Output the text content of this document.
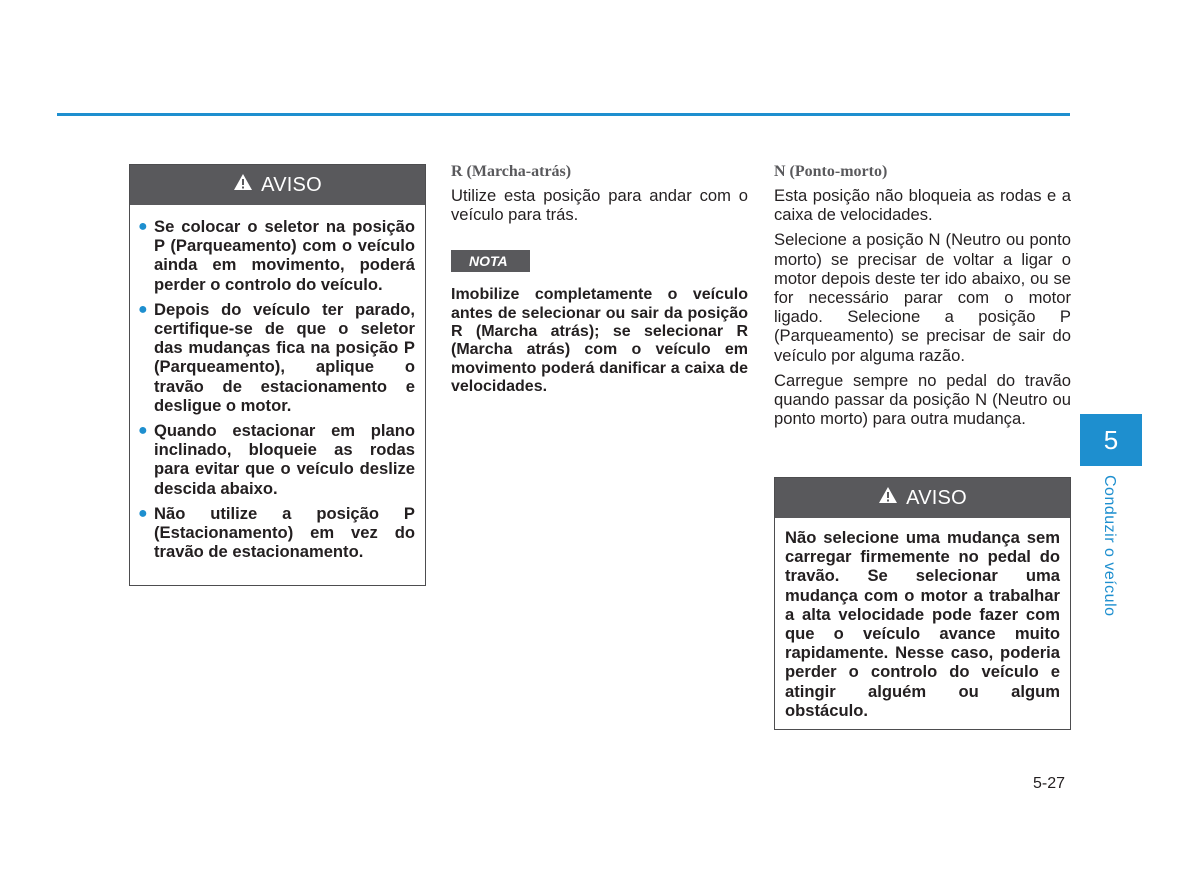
AVISO
● Se colocar o seletor na posição P (Parqueamento) com o veículo ainda em movimento, poderá perder o controlo do veículo.
● Depois do veículo ter parado, certifique-se de que o seletor das mudanças fica na posição P (Parqueamento), aplique o travão de estacionamento e desligue o motor.
● Quando estacionar em plano inclinado, bloqueie as rodas para evitar que o veículo deslize descida abaixo.
● Não utilize a posição P (Estacionamento) em vez do travão de estacionamento.
R (Marcha-atrás)

Utilize esta posição para andar com o veículo para trás.

NOTA

Imobilize completamente o veículo antes de selecionar ou sair da posição R (Marcha atrás); se selecionar R (Marcha atrás) com o veículo em movimento poderá danificar a caixa de velocidades.

N (Ponto-morto)

Esta posição não bloqueia as rodas e a caixa de velocidades.

Selecione a posição N (Neutro ou ponto morto) se precisar de voltar a ligar o motor depois deste ter ido abaixo, ou se for necessário parar com o motor ligado. Selecione a posição P (Parqueamento) se precisar de sair do veículo por alguma razão.

Carregue sempre no pedal do travão quando passar da posição N (Neutro ou ponto morto) para outra mudança.

AVISO

Não selecione uma mudança sem carregar firmemente no pedal do travão. Se selecionar uma mudança com o motor a trabalhar a alta velocidade pode fazer com que o veículo avance muito rapidamente. Nesse caso, poderia perder o controlo do veículo e atingir alguém ou algum obstáculo.

5
Conduzir o veículo
5-27
